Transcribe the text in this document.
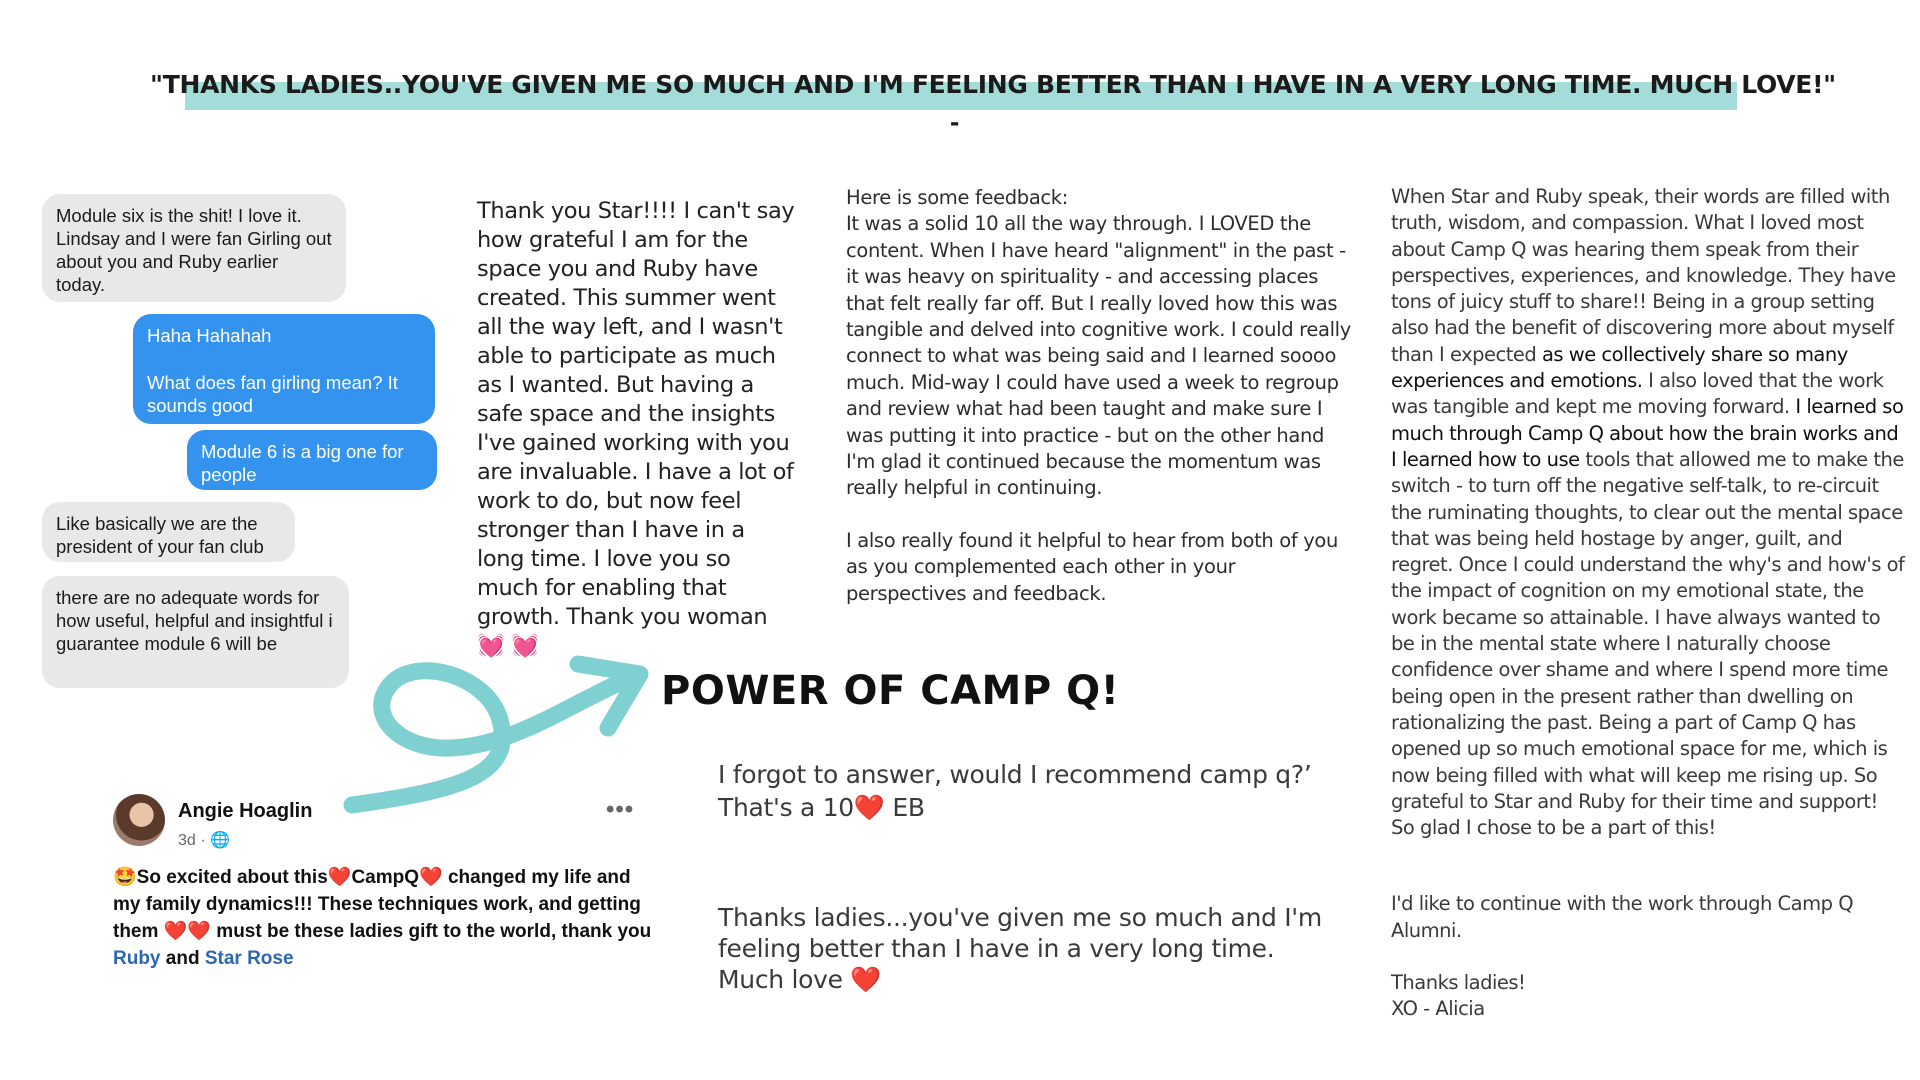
"THANKS LADIES..YOU'VE GIVEN ME SO MUCH AND I'M FEELING BETTER THAN I HAVE IN A VERY LONG TIME. MUCH LOVE!"
-
Module six is the shit! I love it. Lindsay and I were fan Girling out about you and Ruby earlier today.
Haha Hahahah
What does fan girling mean? It sounds good
Module 6 is a big one for people
Like basically we are the president of your fan club
there are no adequate words for how useful, helpful and insightful i guarantee module 6 will be
Thank you Star!!!! I can't say how grateful I am for the space you and Ruby have created. This summer went all the way left, and I wasn't able to participate as much as I wanted. But having a safe space and the insights I've gained working with you are invaluable. I have a lot of work to do, but now feel stronger than I have in a long time. I love you so much for enabling that growth. Thank you woman 💓 💓
Here is some feedback:
It was a solid 10 all the way through. I LOVED the content. When I have heard "alignment" in the past - it was heavy on spirituality - and accessing places that felt really far off. But I really loved how this was tangible and delved into cognitive work. I could really connect to what was being said and I learned soooo much. Mid-way I could have used a week to regroup and review what had been taught and make sure I was putting it into practice - but on the other hand I'm glad it continued because the momentum was really helpful in continuing.
I also really found it helpful to hear from both of you as you complemented each other in your perspectives and feedback.
When Star and Ruby speak, their words are filled with truth, wisdom, and compassion. What I loved most about Camp Q was hearing them speak from their perspectives, experiences, and knowledge. They have tons of juicy stuff to share!! Being in a group setting also had the benefit of discovering more about myself than I expected as we collectively share so many experiences and emotions. I also loved that the work was tangible and kept me moving forward. I learned so much through Camp Q about how the brain works and I learned how to use tools that allowed me to make the switch - to turn off the negative self-talk, to re-circuit the ruminating thoughts, to clear out the mental space that was being held hostage by anger, guilt, and regret. Once I could understand the why's and how's of the impact of cognition on my emotional state, the work became so attainable. I have always wanted to be in the mental state where I naturally choose confidence over shame and where I spend more time being open in the present rather than dwelling on rationalizing the past. Being a part of Camp Q has opened up so much emotional space for me, which is now being filled with what will keep me rising up. So grateful to Star and Ruby for their time and support! So glad I chose to be a part of this!
I'd like to continue with the work through Camp Q Alumni.
Thanks ladies!
XO - Alicia
POWER OF CAMP Q!
I forgot to answer, would I recommend camp q?’
That's a 10❤️ EB
Thanks ladies...you've given me so much and I'm feeling better than I have in a very long time.
Much love ❤️
Angie Hoaglin
3d · 🌐
•••
🤩So excited about this❤️CampQ❤️ changed my life and my family dynamics!!! These techniques work, and getting them ❤️❤️ must be these ladies gift to the world, thank you Ruby and Star Rose
